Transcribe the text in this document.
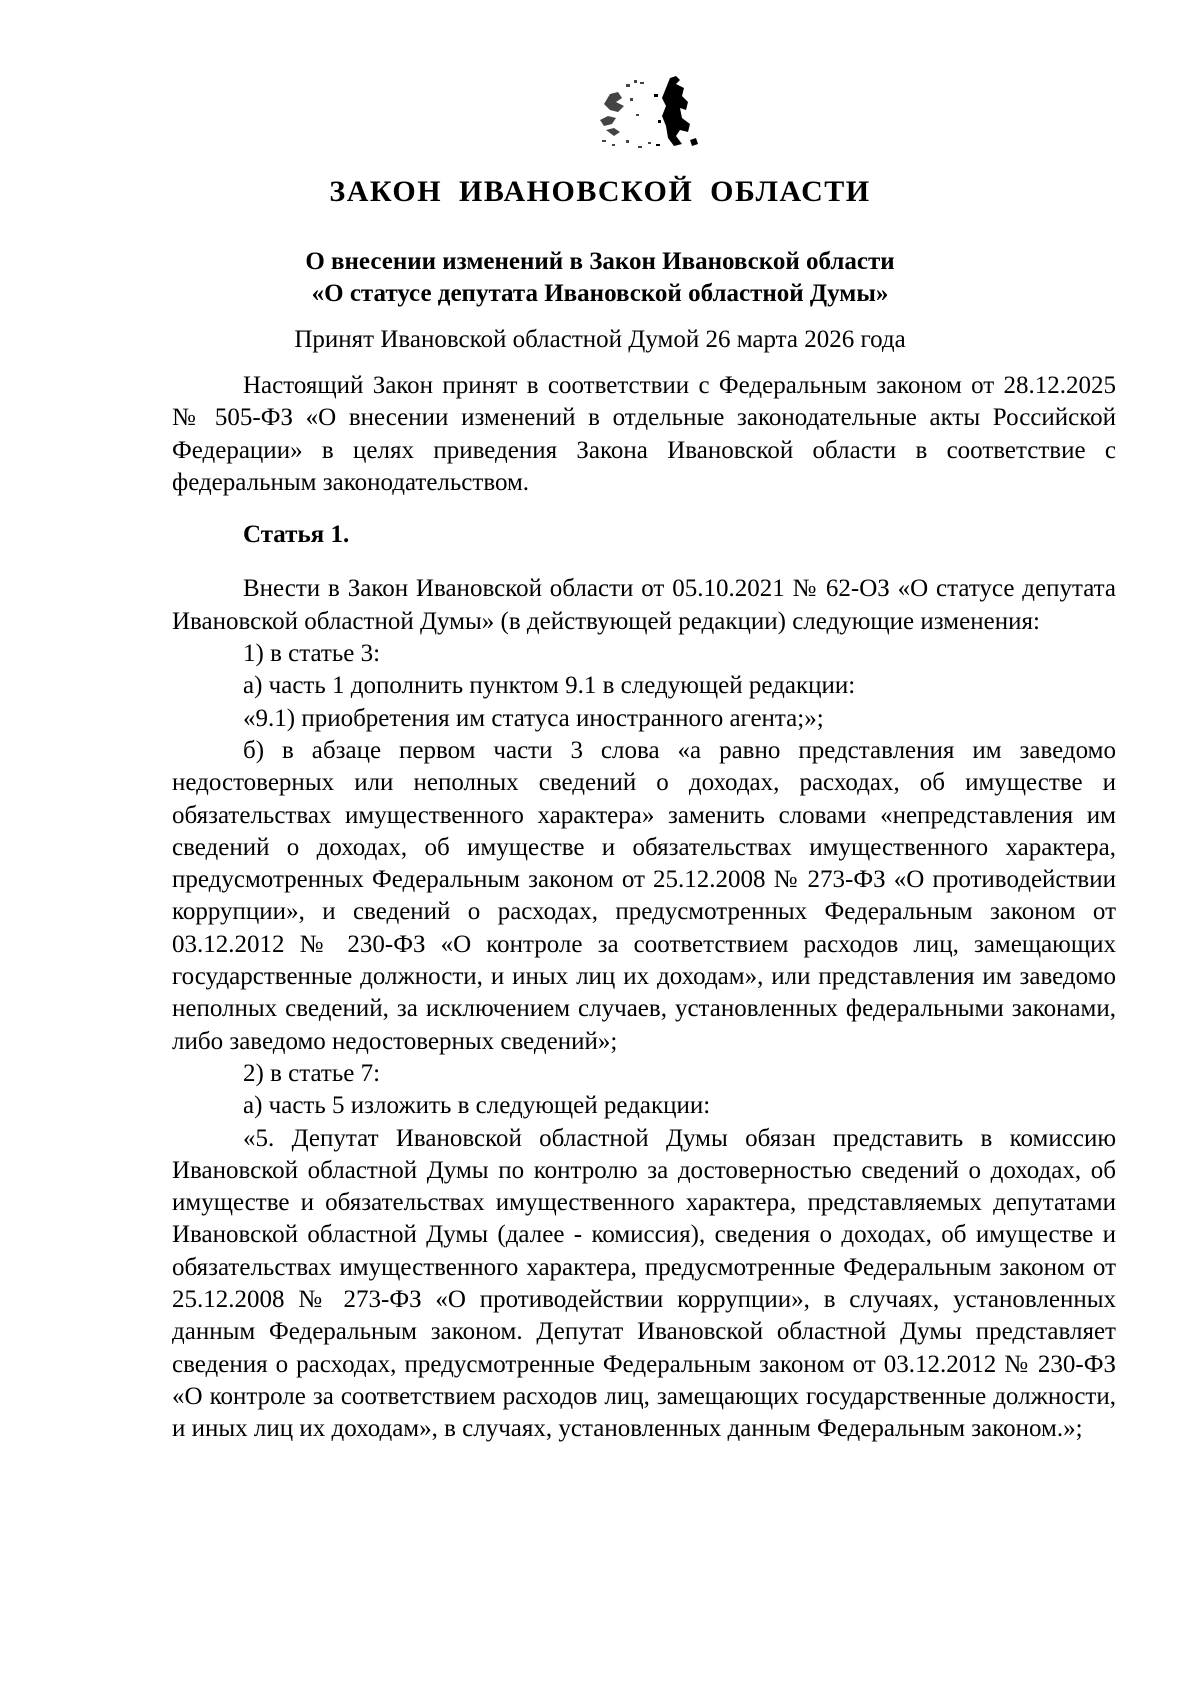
ЗАКОН ИВАНОВСКОЙ ОБЛАСТИ
О внесении изменений в Закон Ивановской области
«О статусе депутата Ивановской областной Думы»

Принят Ивановской областной Думой 26 марта 2026 года

Настоящий Закон принят в соответствии с Федеральным законом от 28.12.2025 № 505-ФЗ «О внесении изменений в отдельные законодательные акты Российской Федерации» в целях приведения Закона Ивановской области в соответствие с федеральным законодательством.

Статья 1.

Внести в Закон Ивановской области от 05.10.2021 № 62-ОЗ «О статусе депутата Ивановской областной Думы» (в действующей редакции) следующие изменения:

1) в статье 3:

а) часть 1 дополнить пунктом 9.1 в следующей редакции:

«9.1) приобретения им статуса иностранного агента;»;

б) в абзаце первом части 3 слова «а равно представления им заведомо недостоверных или неполных сведений о доходах, расходах, об имуществе и обязательствах имущественного характера» заменить словами «непредставления им сведений о доходах, об имуществе и обязательствах имущественного характера, предусмотренных Федеральным законом от 25.12.2008 № 273-ФЗ «О противодействии коррупции», и сведений о расходах, предусмотренных Федеральным законом от 03.12.2012 № 230-ФЗ «О контроле за соответствием расходов лиц, замещающих государственные должности, и иных лиц их доходам», или представления им заведомо неполных сведений, за исключением случаев, установленных федеральными законами, либо заведомо недостоверных сведений»;

2) в статье 7:

а) часть 5 изложить в следующей редакции:

«5. Депутат Ивановской областной Думы обязан представить в комиссию Ивановской областной Думы по контролю за достоверностью сведений о доходах, об имуществе и обязательствах имущественного характера, представляемых депутатами Ивановской областной Думы (далее - комиссия), сведения о доходах, об имуществе и обязательствах имущественного характера, предусмотренные Федеральным законом от 25.12.2008 № 273-ФЗ «О противодействии коррупции», в случаях, установленных данным Федеральным законом. Депутат Ивановской областной Думы представляет сведения о расходах, предусмотренные Федеральным законом от 03.12.2012 № 230-ФЗ «О контроле за соответствием расходов лиц, замещающих государственные должности, и иных лиц их доходам», в случаях, установленных данным Федеральным законом.»;
